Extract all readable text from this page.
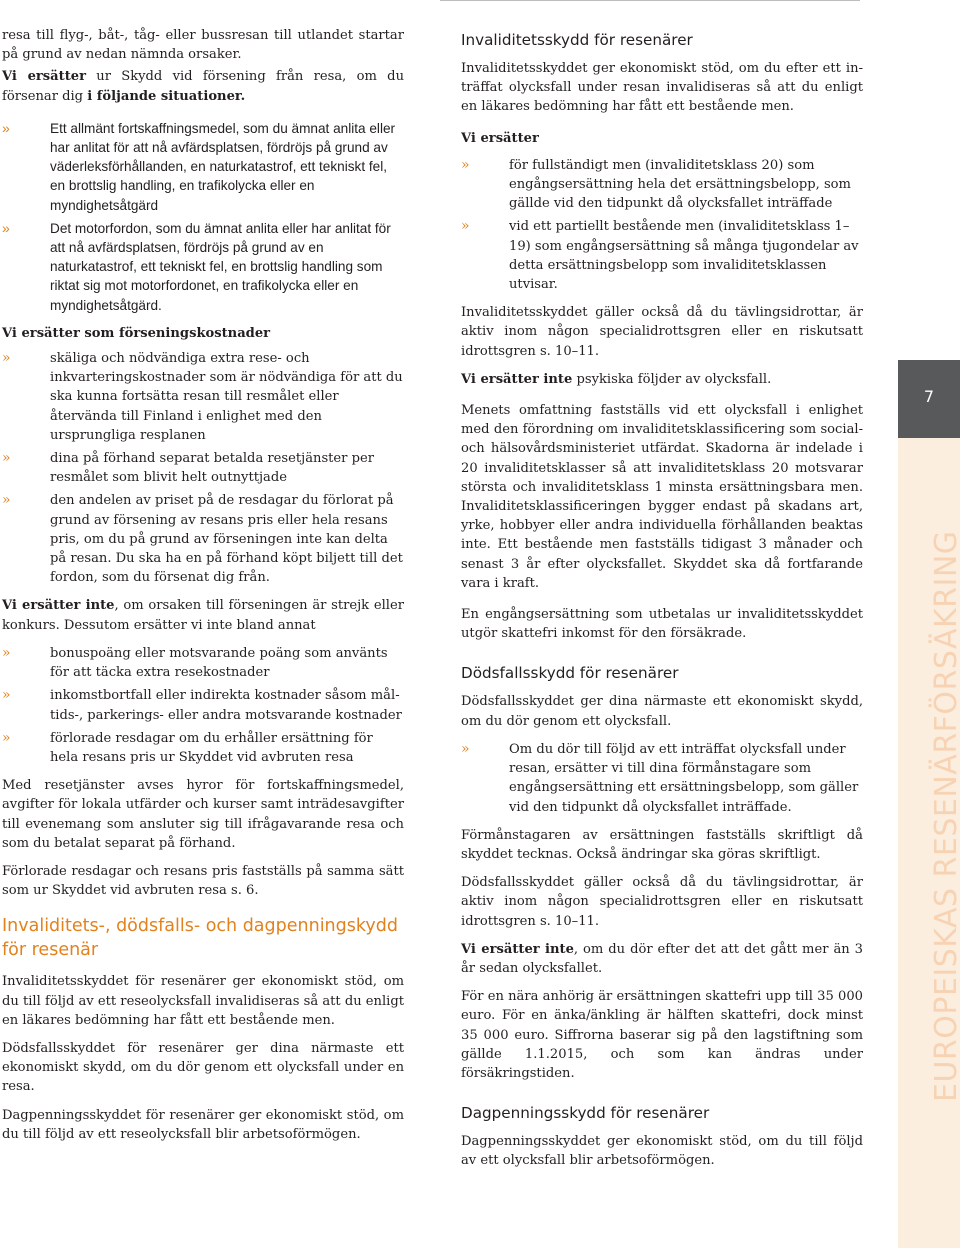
resa till flyg-, båt-, tåg- eller bussresan till utlandet startar på grund av nedan nämnda orsaker.

Vi ersätter ur Skydd vid försening från resa, om du försenar dig i följande situationer.

»	Ett allmänt fortskaffningsmedel, som du ämnat anlita eller har anlitat för att nå avfärdsplatsen, fördröjs på grund av väderleksförhållanden, en naturkatastrof, ett tekniskt fel, en brottslig handling, en trafikolycka eller en myndighetsåtgärd
»	Det motorfordon, som du ämnat anlita eller har anlitat för att nå avfärdsplatsen, fördröjs på grund av en naturkatastrof, ett tekniskt fel, en brottslig handling som riktat sig mot motorfordonet, en trafikolycka eller en myndighetsåtgärd.

Vi ersätter som förseningskostnader

»	skäliga och nödvändiga extra rese- och inkvarteringskostnader som är nödvändiga för att du ska kunna fortsätta resan till resmålet eller återvända till Finland i enlighet med den ursprungliga resplanen
»	dina på förhand separat betalda resetjänster per resmålet som blivit helt outnyttjade
»	den andelen av priset på de resdagar du förlorat på grund av försening av resans pris eller hela resans pris, om du på grund av förseningen inte kan delta på resan. Du ska ha en på förhand köpt biljett till det fordon, som du försenat dig från.

Vi ersätter inte, om orsaken till förseningen är strejk eller konkurs. Dessutom ersätter vi inte bland annat

»	bonuspoäng eller motsvarande poäng som använts för att täcka extra resekostnader
»	inkomstbortfall eller indirekta kostnader såsom måltids-, parkerings- eller andra motsvarande kostnader
»	förlorade resdagar om du erhåller ersättning för hela resans pris ur Skyddet vid avbruten resa

Med resetjänster avses hyror för fortskaffningsmedel, avgifter för lokala utfärder och kurser samt inträdesavgifter till evenemang som ansluter sig till ifrågavarande resa och som du betalat separat på förhand.

Förlorade resdagar och resans pris fastställs på samma sätt som ur Skyddet vid avbruten resa s. 6.

Invaliditets-, dödsfalls- och dagpenningskydd för resenär

Invaliditetsskyddet för resenärer ger ekonomiskt stöd, om du till följd av ett reseolycksfall invalidiseras så att du enligt en läkares bedömning har fått ett bestående men.

Dödsfallsskyddet för resenärer ger dina närmaste ett ekonomiskt skydd, om du dör genom ett olycksfall under en resa.

Dagpenningsskyddet för resenärer ger ekonomiskt stöd, om du till följd av ett reseolycksfall blir arbetsoförmögen.

Invaliditetsskydd för resenärer

Invaliditetsskyddet ger ekonomiskt stöd, om du efter ett inträffat olycksfall under resan invalidiseras så att du enligt en läkares bedömning har fått ett bestående men.

Vi ersätter

»	för fullständigt men (invaliditetsklass 20) som engångsersättning hela det ersättningsbelopp, som gällde vid den tidpunkt då olycksfallet inträffade
»	vid ett partiellt bestående men (invaliditetsklass 1–19) som engångsersättning så många tjugondelar av detta ersättningsbelopp som invaliditetsklassen utvisar.

Invaliditetsskyddet gäller också då du tävlingsidrottar, är aktiv inom någon specialidrottsgren eller en riskutsatt idrottsgren s. 10–11.

Vi ersätter inte psykiska följder av olycksfall.

Menets omfattning fastställs vid ett olycksfall i enlighet med den förordning om invaliditetsklassificering som social- och hälsovårdsministeriet utfärdat. Skadorna är indelade i 20 invaliditetsklasser så att invaliditetsklass 20 motsvarar största och invaliditetsklass 1 minsta ersättningsbara men. Invaliditetsklassificeringen bygger endast på skadans art, yrke, hobbyer eller andra individuella förhållanden beaktas inte. Ett bestående men fastställs tidigast 3 månader och senast 3 år efter olycksfallet. Skyddet ska då fortfarande vara i kraft.

En engångsersättning som utbetalas ur invaliditetsskyddet utgör skattefri inkomst för den försäkrade.

Dödsfallsskydd för resenärer

Dödsfallsskyddet ger dina närmaste ett ekonomiskt skydd, om du dör genom ett olycksfall.

»	Om du dör till följd av ett inträffat olycksfall under resan, ersätter vi till dina förmånstagare som engångsersättning ett ersättningsbelopp, som gäller vid den tidpunkt då olycksfallet inträffade.

Förmånstagaren av ersättningen fastställs skriftligt då skyddet tecknas. Också ändringar ska göras skriftligt.

Dödsfallsskyddet gäller också då du tävlingsidrottar, är aktiv inom någon specialidrottsgren eller en riskutsatt idrottsgren s. 10–11.

Vi ersätter inte, om du dör efter det att det gått mer än 3 år sedan olycksfallet.

För en nära anhörig är ersättningen skattefri upp till 35 000 euro. För en änka/änkling är hälften skattefri, dock minst 35 000 euro. Siffrorna baserar sig på den lagstiftning som gällde 1.1.2015, och som kan ändras under försäkringstiden.

Dagpenningsskydd för resenärer

Dagpenningsskyddet ger ekonomiskt stöd, om du till följd av ett olycksfall blir arbetsoförmögen.

7
EUROPEISKAS RESENÄRFÖRSÄKRING
